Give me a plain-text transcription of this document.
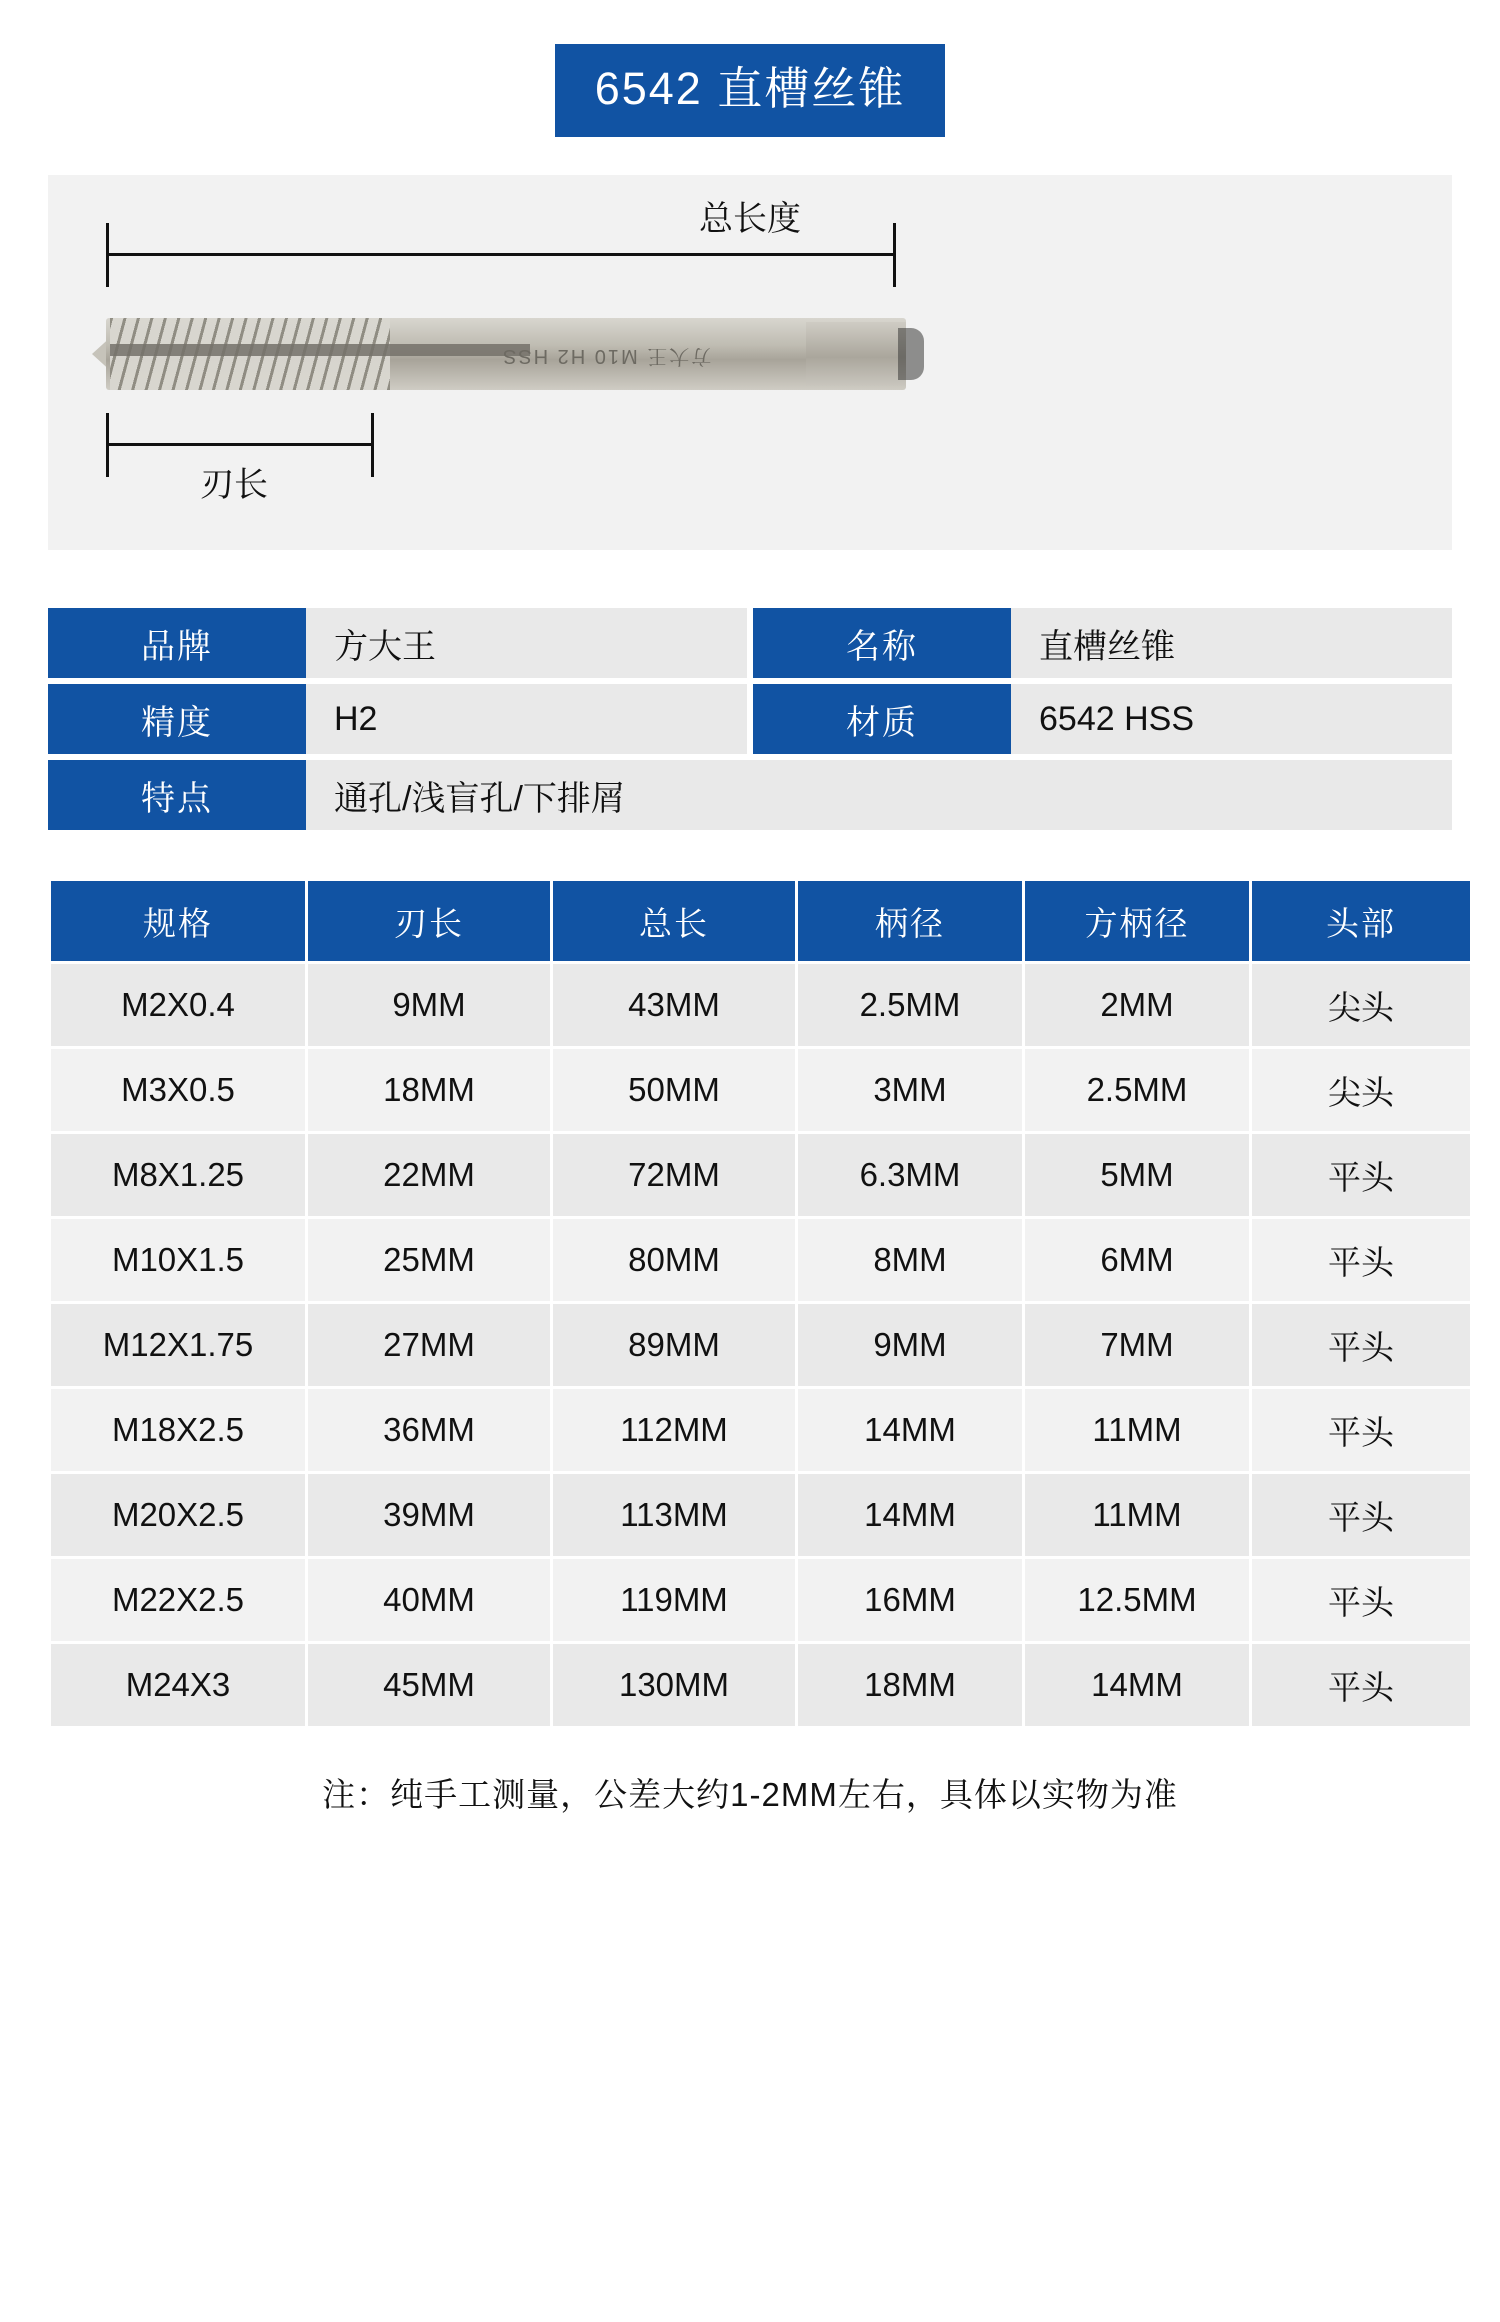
6542 直槽丝锥
总长度
方大王 M10 H2 HSS
刃长
品牌	方大王	名称	直槽丝锥
精度	H2	材质	6542 HSS
特点	通孔/浅盲孔/下排屑
规格	刃长	总长	柄径	方柄径	头部
M2X0.4	9MM	43MM	2.5MM	2MM	尖头
M3X0.5	18MM	50MM	3MM	2.5MM	尖头
M8X1.25	22MM	72MM	6.3MM	5MM	平头
M10X1.5	25MM	80MM	8MM	6MM	平头
M12X1.75	27MM	89MM	9MM	7MM	平头
M18X2.5	36MM	112MM	14MM	11MM	平头
M20X2.5	39MM	113MM	14MM	11MM	平头
M22X2.5	40MM	119MM	16MM	12.5MM	平头
M24X3	45MM	130MM	18MM	14MM	平头
注：纯手工测量，公差大约1-2MM左右，具体以实物为准
